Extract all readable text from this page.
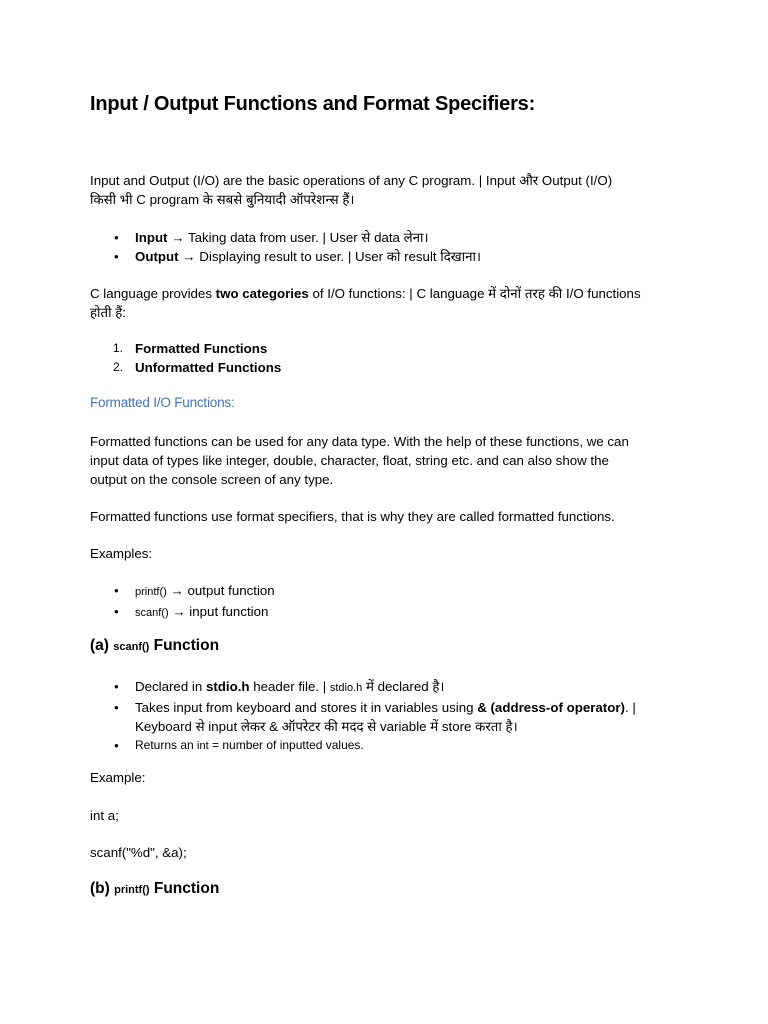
Input / Output Functions and Format Specifiers:
Input and Output (I/O) are the basic operations of any C program. | Input और Output (I/O)
किसी भी C program के सबसे बुनियादी ऑपरेशन्स हैं।
• Input → Taking data from user. | User से data लेना।
• Output → Displaying result to user. | User को result दिखाना।
C language provides two categories of I/O functions: | C language में दोनों तरह की I/O functions
होती हैं:
1. Formatted Functions
2. Unformatted Functions
Formatted I/O Functions:
Formatted functions can be used for any data type. With the help of these functions, we can
input data of types like integer, double, character, float, string etc. and can also show the
output on the console screen of any type.
Formatted functions use format specifiers, that is why they are called formatted functions.
Examples:
• printf() → output function
• scanf() → input function
(a) scanf() Function
• Declared in stdio.h header file. | stdio.h में declared है।
• Takes input from keyboard and stores it in variables using & (address-of operator). |
Keyboard से input लेकर & ऑपरेटर की मदद से variable में store करता है।
• Returns an int = number of inputted values.
Example:
int a;
scanf("%d", &a);
(b) printf() Function
